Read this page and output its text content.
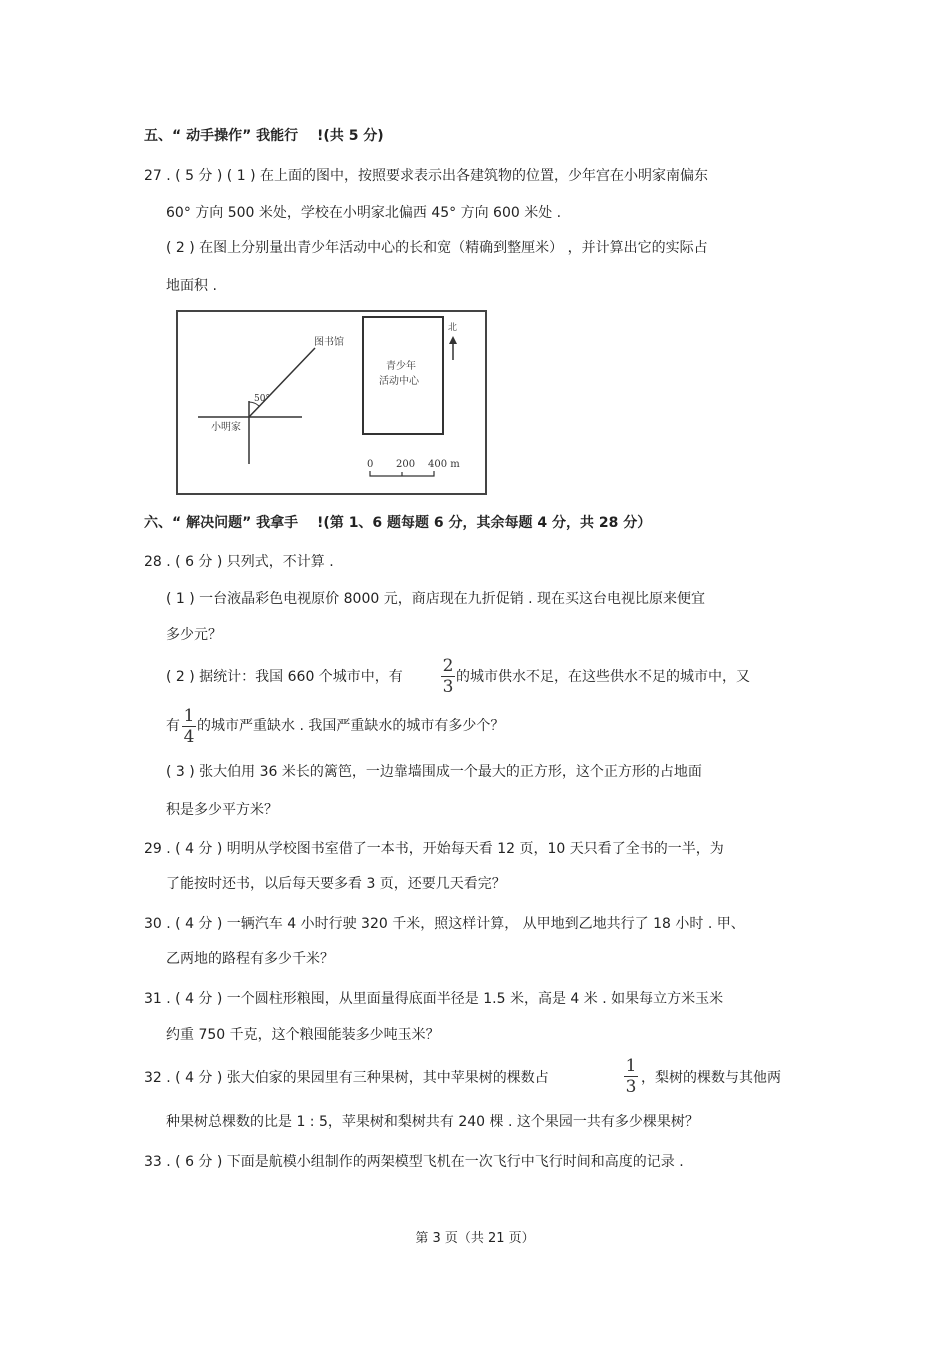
五、“ 动手操作” 我能行 !(共 5 分)
27 . ( 5 分 ) ( 1 ) 在上面的图中，按照要求表示出各建筑物的位置，少年宫在小明家南偏东
60° 方向 500 米处，学校在小明家北偏西 45° 方向 600 米处 .
( 2 ) 在图上分别量出青少年活动中心的长和宽（精确到整厘米） ，并计算出它的实际占
地面积 .
50°
图书馆
小明家
青少年
活动中心
北
0 200 400 m
六、“ 解决问题” 我拿手 !(第 1、6 题每题 6 分，其余每题 4 分，共 28 分）
28 . ( 6 分 ) 只列式，不计算 .
( 1 ) 一台液晶彩色电视原价 8000 元，商店现在九折促销 . 现在买这台电视比原来便宜
多少元？
( 2 ) 据统计：我国 660 个城市中，有
2
3 的城市供水不足，在这些供水不足的城市中，又
有 1
4
的城市严重缺水 . 我国严重缺水的城市有多少个？
( 3 ) 张大伯用 36 米长的篱笆，一边靠墙围成一个最大的正方形，这个正方形的占地面
积是多少平方米？
29 . ( 4 分 ) 明明从学校图书室借了一本书，开始每天看 12 页，10 天只看了全书的一半，为
了能按时还书，以后每天要多看 3 页，还要几天看完？
30 . ( 4 分 ) 一辆汽车 4 小时行驶 320 千米，照这样计算， 从甲地到乙地共行了 18 小时 . 甲、
乙两地的路程有多少千米？
31 . ( 4 分 ) 一个圆柱形粮囤，从里面量得底面半径是 1.5 米，高是 4 米 . 如果每立方米玉米
约重 750 千克，这个粮囤能装多少吨玉米？
32 . ( 4 分 ) 张大伯家的果园里有三种果树，其中苹果树的棵数占
1
3 ，梨树的棵数与其他两
种果树总棵数的比是 1 : 5，苹果树和梨树共有 240 棵 . 这个果园一共有多少棵果树？
33 . ( 6 分 ) 下面是航模小组制作的两架模型飞机在一次飞行中飞行时间和高度的记录 .
第 3 页（共 21 页）
